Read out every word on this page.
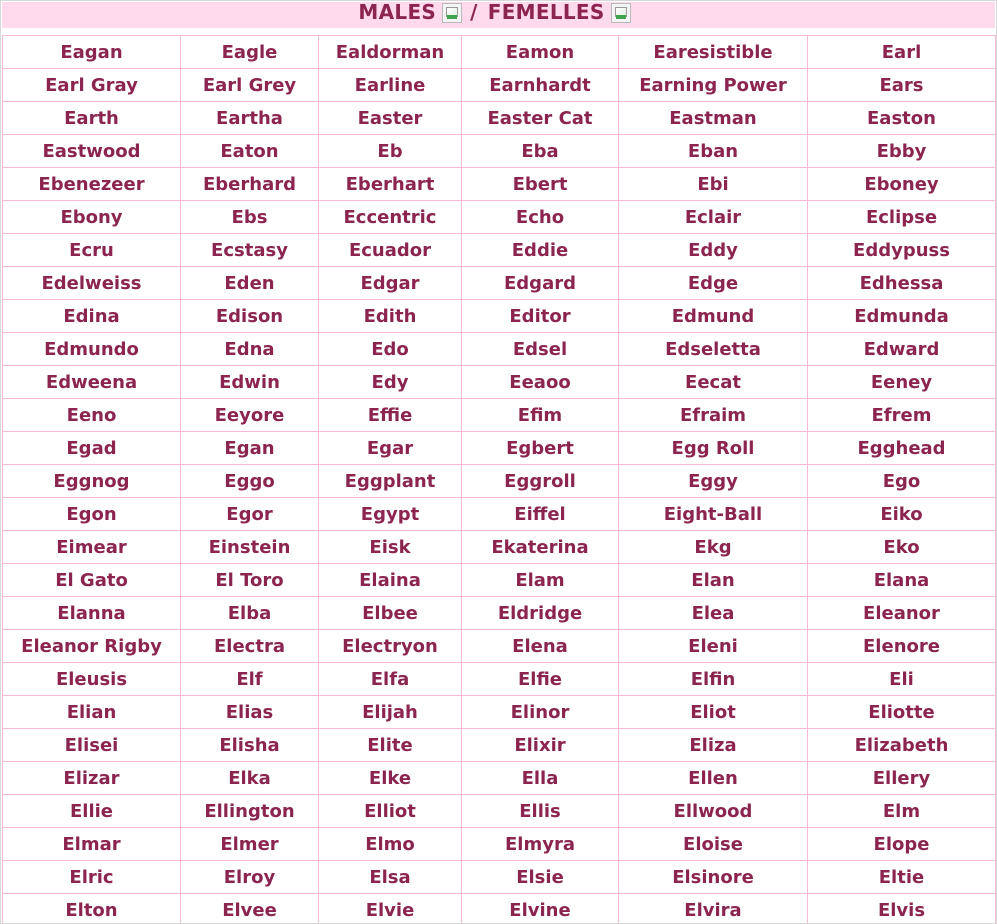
MALES / FEMELLES
Eagan	Eagle	Ealdorman	Eamon	Earesistible	Earl
Earl Gray	Earl Grey	Earline	Earnhardt	Earning Power	Ears
Earth	Eartha	Easter	Easter Cat	Eastman	Easton
Eastwood	Eaton	Eb	Eba	Eban	Ebby
Ebenezeer	Eberhard	Eberhart	Ebert	Ebi	Eboney
Ebony	Ebs	Eccentric	Echo	Eclair	Eclipse
Ecru	Ecstasy	Ecuador	Eddie	Eddy	Eddypuss
Edelweiss	Eden	Edgar	Edgard	Edge	Edhessa
Edina	Edison	Edith	Editor	Edmund	Edmunda
Edmundo	Edna	Edo	Edsel	Edseletta	Edward
Edweena	Edwin	Edy	Eeaoo	Eecat	Eeney
Eeno	Eeyore	Effie	Efim	Efraim	Efrem
Egad	Egan	Egar	Egbert	Egg Roll	Egghead
Eggnog	Eggo	Eggplant	Eggroll	Eggy	Ego
Egon	Egor	Egypt	Eiffel	Eight-Ball	Eiko
Eimear	Einstein	Eisk	Ekaterina	Ekg	Eko
El Gato	El Toro	Elaina	Elam	Elan	Elana
Elanna	Elba	Elbee	Eldridge	Elea	Eleanor
Eleanor Rigby	Electra	Electryon	Elena	Eleni	Elenore
Eleusis	Elf	Elfa	Elfie	Elfin	Eli
Elian	Elias	Elijah	Elinor	Eliot	Eliotte
Elisei	Elisha	Elite	Elixir	Eliza	Elizabeth
Elizar	Elka	Elke	Ella	Ellen	Ellery
Ellie	Ellington	Elliot	Ellis	Ellwood	Elm
Elmar	Elmer	Elmo	Elmyra	Eloise	Elope
Elric	Elroy	Elsa	Elsie	Elsinore	Eltie
Elton	Elvee	Elvie	Elvine	Elvira	Elvis
